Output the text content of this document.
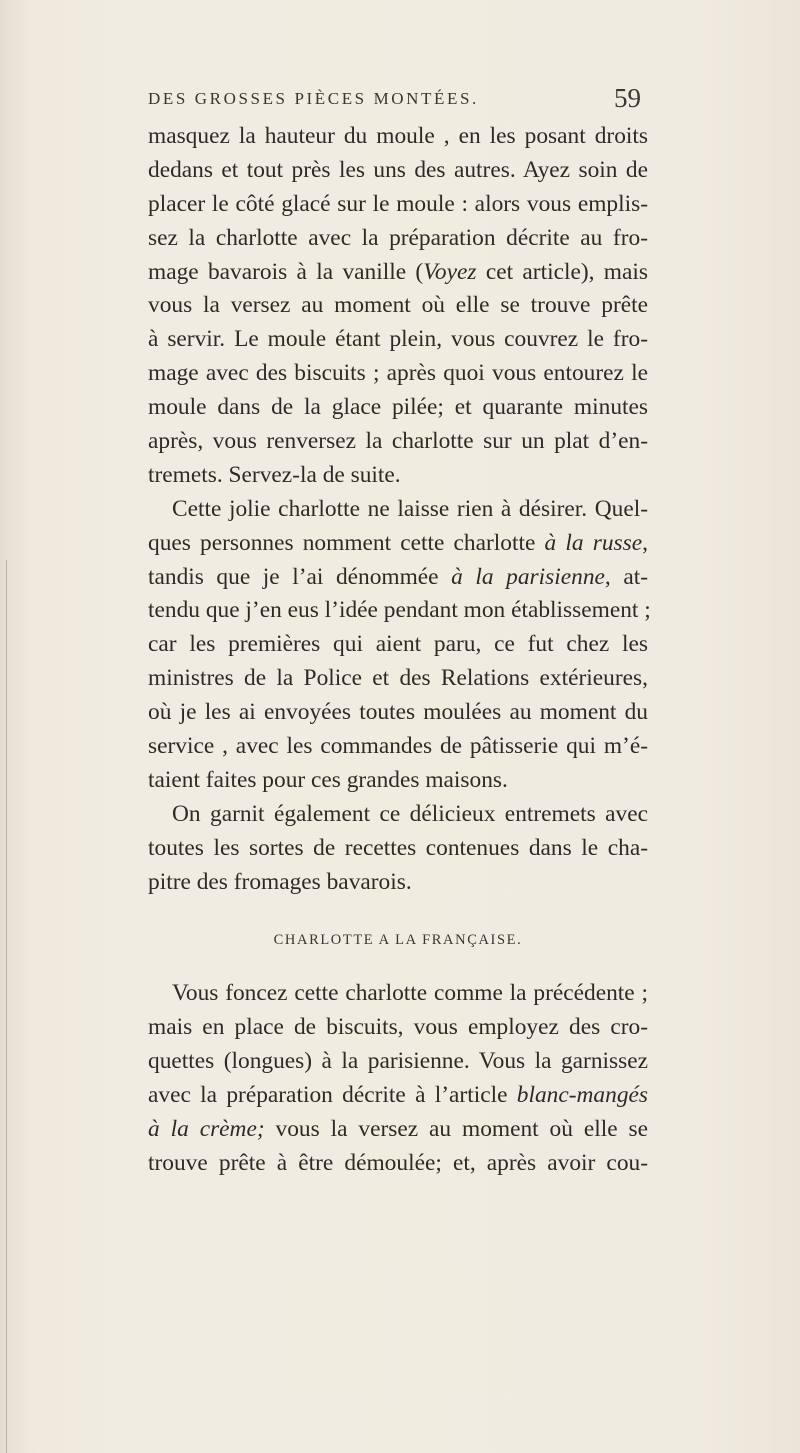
DES GROSSES PIÈCES MONTÉES.	59
masquez la hauteur du moule , en les posant droits
dedans et tout près les uns des autres. Ayez soin de
placer le côté glacé sur le moule : alors vous emplis-
sez la charlotte avec la préparation décrite au fro-
mage bavarois à la vanille (Voyez cet article), mais
vous la versez au moment où elle se trouve prête
à servir. Le moule étant plein, vous couvrez le fro-
mage avec des biscuits ; après quoi vous entourez le
moule dans de la glace pilée; et quarante minutes
après, vous renversez la charlotte sur un plat d’en-
tremets. Servez-la de suite.
Cette jolie charlotte ne laisse rien à désirer. Quel-
ques personnes nomment cette charlotte à la russe,
tandis que je l’ai dénommée à la parisienne, at-
tendu que j’en eus l’idée pendant mon établissement ;
car les premières qui aient paru, ce fut chez les
ministres de la Police et des Relations extérieures,
où je les ai envoyées toutes moulées au moment du
service , avec les commandes de pâtisserie qui m’é-
taient faites pour ces grandes maisons.
On garnit également ce délicieux entremets avec
toutes les sortes de recettes contenues dans le cha-
pitre des fromages bavarois.
CHARLOTTE A LA FRANÇAISE.
Vous foncez cette charlotte comme la précédente ;
mais en place de biscuits, vous employez des cro-
quettes (longues) à la parisienne. Vous la garnissez
avec la préparation décrite à l’article blanc-mangés
à la crème; vous la versez au moment où elle se
trouve prête à être démoulée; et, après avoir cou-
